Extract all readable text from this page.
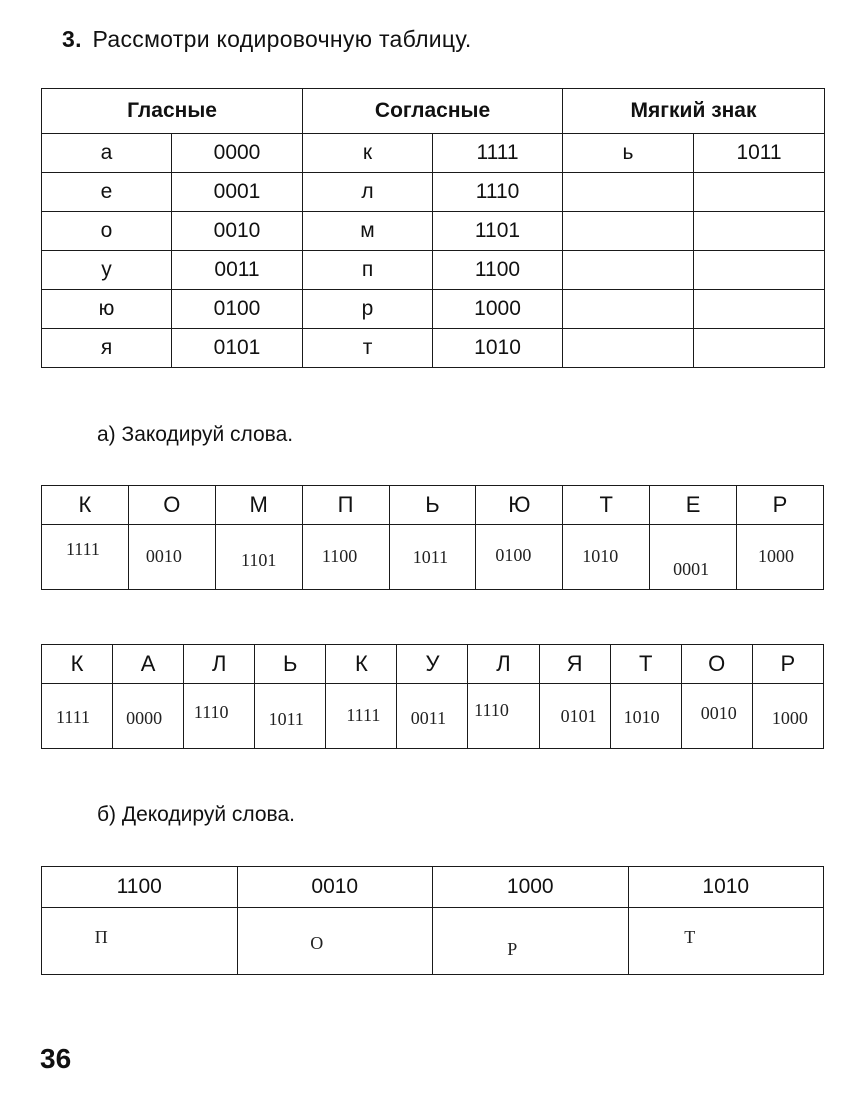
3. Рассмотри кодировочную таблицу.
Гласные		Согласные		Мягкий знак	
а	0000	к	1111	ь	1011
е	0001	л	1110		
о	0010	м	1101		
у	0011	п	1100		
ю	0100	р	1000		
я	0101	т	1010		
а) Закодируй слова.
К	О	М	П	Ь	Ю	Т	Е	Р
1111	0010	1101	1100	1011	0100	1010	0001	1000
К	А	Л	Ь	К	У	Л	Я	Т	О	Р
1111	0000	1110	1011	1111	0011	1110	0101	1010	0010	1000
б) Декодируй слова.
1100	0010	1000	1010
П	О	Р	Т
36
